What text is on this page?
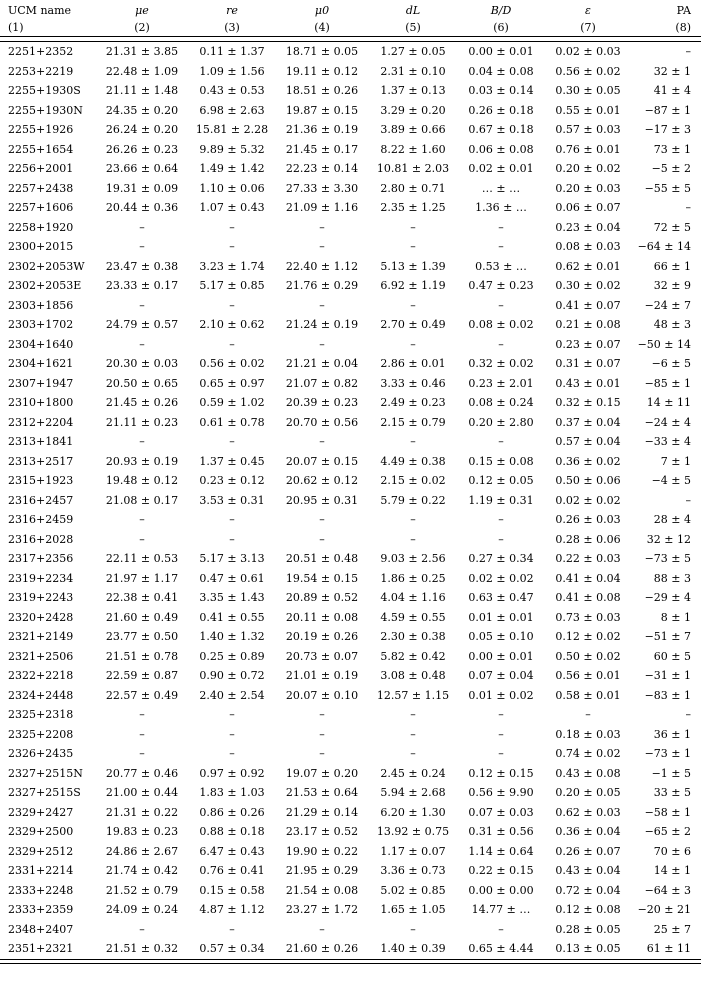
UCM name	μe	re	μ0	dL	B/D	ε	PA
(1)	(2)	(3)	(4)	(5)	(6)	(7)	(8)

2251+2352	21.31 ± 3.85	0.11 ± 1.37	18.71 ± 0.05	1.27 ± 0.05	0.00 ± 0.01	0.02 ± 0.03	–
2253+2219	22.48 ± 1.09	1.09 ± 1.56	19.11 ± 0.12	2.31 ± 0.10	0.04 ± 0.08	0.56 ± 0.02	32 ± 1
2255+1930S	21.11 ± 1.48	0.43 ± 0.53	18.51 ± 0.26	1.37 ± 0.13	0.03 ± 0.14	0.30 ± 0.05	41 ± 4
2255+1930N	24.35 ± 0.20	6.98 ± 2.63	19.87 ± 0.15	3.29 ± 0.20	0.26 ± 0.18	0.55 ± 0.01	−87 ± 1
2255+1926	26.24 ± 0.20	15.81 ± 2.28	21.36 ± 0.19	3.89 ± 0.66	0.67 ± 0.18	0.57 ± 0.03	−17 ± 3
2255+1654	26.26 ± 0.23	9.89 ± 5.32	21.45 ± 0.17	8.22 ± 1.60	0.06 ± 0.08	0.76 ± 0.01	73 ± 1
2256+2001	23.66 ± 0.64	1.49 ± 1.42	22.23 ± 0.14	10.81 ± 2.03	0.02 ± 0.01	0.20 ± 0.02	−5 ± 2
2257+2438	19.31 ± 0.09	1.10 ± 0.06	27.33 ± 3.30	2.80 ± 0.71	… ± …	0.20 ± 0.03	−55 ± 5
2257+1606	20.44 ± 0.36	1.07 ± 0.43	21.09 ± 1.16	2.35 ± 1.25	1.36 ± …	0.06 ± 0.07	–
2258+1920	–	–	–	–	–	0.23 ± 0.04	72 ± 5
2300+2015	–	–	–	–	–	0.08 ± 0.03	−64 ± 14
2302+2053W	23.47 ± 0.38	3.23 ± 1.74	22.40 ± 1.12	5.13 ± 1.39	0.53 ± …	0.62 ± 0.01	66 ± 1
2302+2053E	23.33 ± 0.17	5.17 ± 0.85	21.76 ± 0.29	6.92 ± 1.19	0.47 ± 0.23	0.30 ± 0.02	32 ± 9
2303+1856	–	–	–	–	–	0.41 ± 0.07	−24 ± 7
2303+1702	24.79 ± 0.57	2.10 ± 0.62	21.24 ± 0.19	2.70 ± 0.49	0.08 ± 0.02	0.21 ± 0.08	48 ± 3
2304+1640	–	–	–	–	–	0.23 ± 0.07	−50 ± 14
2304+1621	20.30 ± 0.03	0.56 ± 0.02	21.21 ± 0.04	2.86 ± 0.01	0.32 ± 0.02	0.31 ± 0.07	−6 ± 5
2307+1947	20.50 ± 0.65	0.65 ± 0.97	21.07 ± 0.82	3.33 ± 0.46	0.23 ± 2.01	0.43 ± 0.01	−85 ± 1
2310+1800	21.45 ± 0.26	0.59 ± 1.02	20.39 ± 0.23	2.49 ± 0.23	0.08 ± 0.24	0.32 ± 0.15	14 ± 11
2312+2204	21.11 ± 0.23	0.61 ± 0.78	20.70 ± 0.56	2.15 ± 0.79	0.20 ± 2.80	0.37 ± 0.04	−24 ± 4
2313+1841	–	–	–	–	–	0.57 ± 0.04	−33 ± 4
2313+2517	20.93 ± 0.19	1.37 ± 0.45	20.07 ± 0.15	4.49 ± 0.38	0.15 ± 0.08	0.36 ± 0.02	7 ± 1
2315+1923	19.48 ± 0.12	0.23 ± 0.12	20.62 ± 0.12	2.15 ± 0.02	0.12 ± 0.05	0.50 ± 0.06	−4 ± 5
2316+2457	21.08 ± 0.17	3.53 ± 0.31	20.95 ± 0.31	5.79 ± 0.22	1.19 ± 0.31	0.02 ± 0.02	–
2316+2459	–	–	–	–	–	0.26 ± 0.03	28 ± 4
2316+2028	–	–	–	–	–	0.28 ± 0.06	32 ± 12
2317+2356	22.11 ± 0.53	5.17 ± 3.13	20.51 ± 0.48	9.03 ± 2.56	0.27 ± 0.34	0.22 ± 0.03	−73 ± 5
2319+2234	21.97 ± 1.17	0.47 ± 0.61	19.54 ± 0.15	1.86 ± 0.25	0.02 ± 0.02	0.41 ± 0.04	88 ± 3
2319+2243	22.38 ± 0.41	3.35 ± 1.43	20.89 ± 0.52	4.04 ± 1.16	0.63 ± 0.47	0.41 ± 0.08	−29 ± 4
2320+2428	21.60 ± 0.49	0.41 ± 0.55	20.11 ± 0.08	4.59 ± 0.55	0.01 ± 0.01	0.73 ± 0.03	8 ± 1
2321+2149	23.77 ± 0.50	1.40 ± 1.32	20.19 ± 0.26	2.30 ± 0.38	0.05 ± 0.10	0.12 ± 0.02	−51 ± 7
2321+2506	21.51 ± 0.78	0.25 ± 0.89	20.73 ± 0.07	5.82 ± 0.42	0.00 ± 0.01	0.50 ± 0.02	60 ± 5
2322+2218	22.59 ± 0.87	0.90 ± 0.72	21.01 ± 0.19	3.08 ± 0.48	0.07 ± 0.04	0.56 ± 0.01	−31 ± 1
2324+2448	22.57 ± 0.49	2.40 ± 2.54	20.07 ± 0.10	12.57 ± 1.15	0.01 ± 0.02	0.58 ± 0.01	−83 ± 1
2325+2318	–	–	–	–	–	–	–
2325+2208	–	–	–	–	–	0.18 ± 0.03	36 ± 1
2326+2435	–	–	–	–	–	0.74 ± 0.02	−73 ± 1
2327+2515N	20.77 ± 0.46	0.97 ± 0.92	19.07 ± 0.20	2.45 ± 0.24	0.12 ± 0.15	0.43 ± 0.08	−1 ± 5
2327+2515S	21.00 ± 0.44	1.83 ± 1.03	21.53 ± 0.64	5.94 ± 2.68	0.56 ± 9.90	0.20 ± 0.05	33 ± 5
2329+2427	21.31 ± 0.22	0.86 ± 0.26	21.29 ± 0.14	6.20 ± 1.30	0.07 ± 0.03	0.62 ± 0.03	−58 ± 1
2329+2500	19.83 ± 0.23	0.88 ± 0.18	23.17 ± 0.52	13.92 ± 0.75	0.31 ± 0.56	0.36 ± 0.04	−65 ± 2
2329+2512	24.86 ± 2.67	6.47 ± 0.43	19.90 ± 0.22	1.17 ± 0.07	1.14 ± 0.64	0.26 ± 0.07	70 ± 6
2331+2214	21.74 ± 0.42	0.76 ± 0.41	21.95 ± 0.29	3.36 ± 0.73	0.22 ± 0.15	0.43 ± 0.04	14 ± 1
2333+2248	21.52 ± 0.79	0.15 ± 0.58	21.54 ± 0.08	5.02 ± 0.85	0.00 ± 0.00	0.72 ± 0.04	−64 ± 3
2333+2359	24.09 ± 0.24	4.87 ± 1.12	23.27 ± 1.72	1.65 ± 1.05	14.77 ± …	0.12 ± 0.08	−20 ± 21
2348+2407	–	–	–	–	–	0.28 ± 0.05	25 ± 7
2351+2321	21.51 ± 0.32	0.57 ± 0.34	21.60 ± 0.26	1.40 ± 0.39	0.65 ± 4.44	0.13 ± 0.05	61 ± 11
